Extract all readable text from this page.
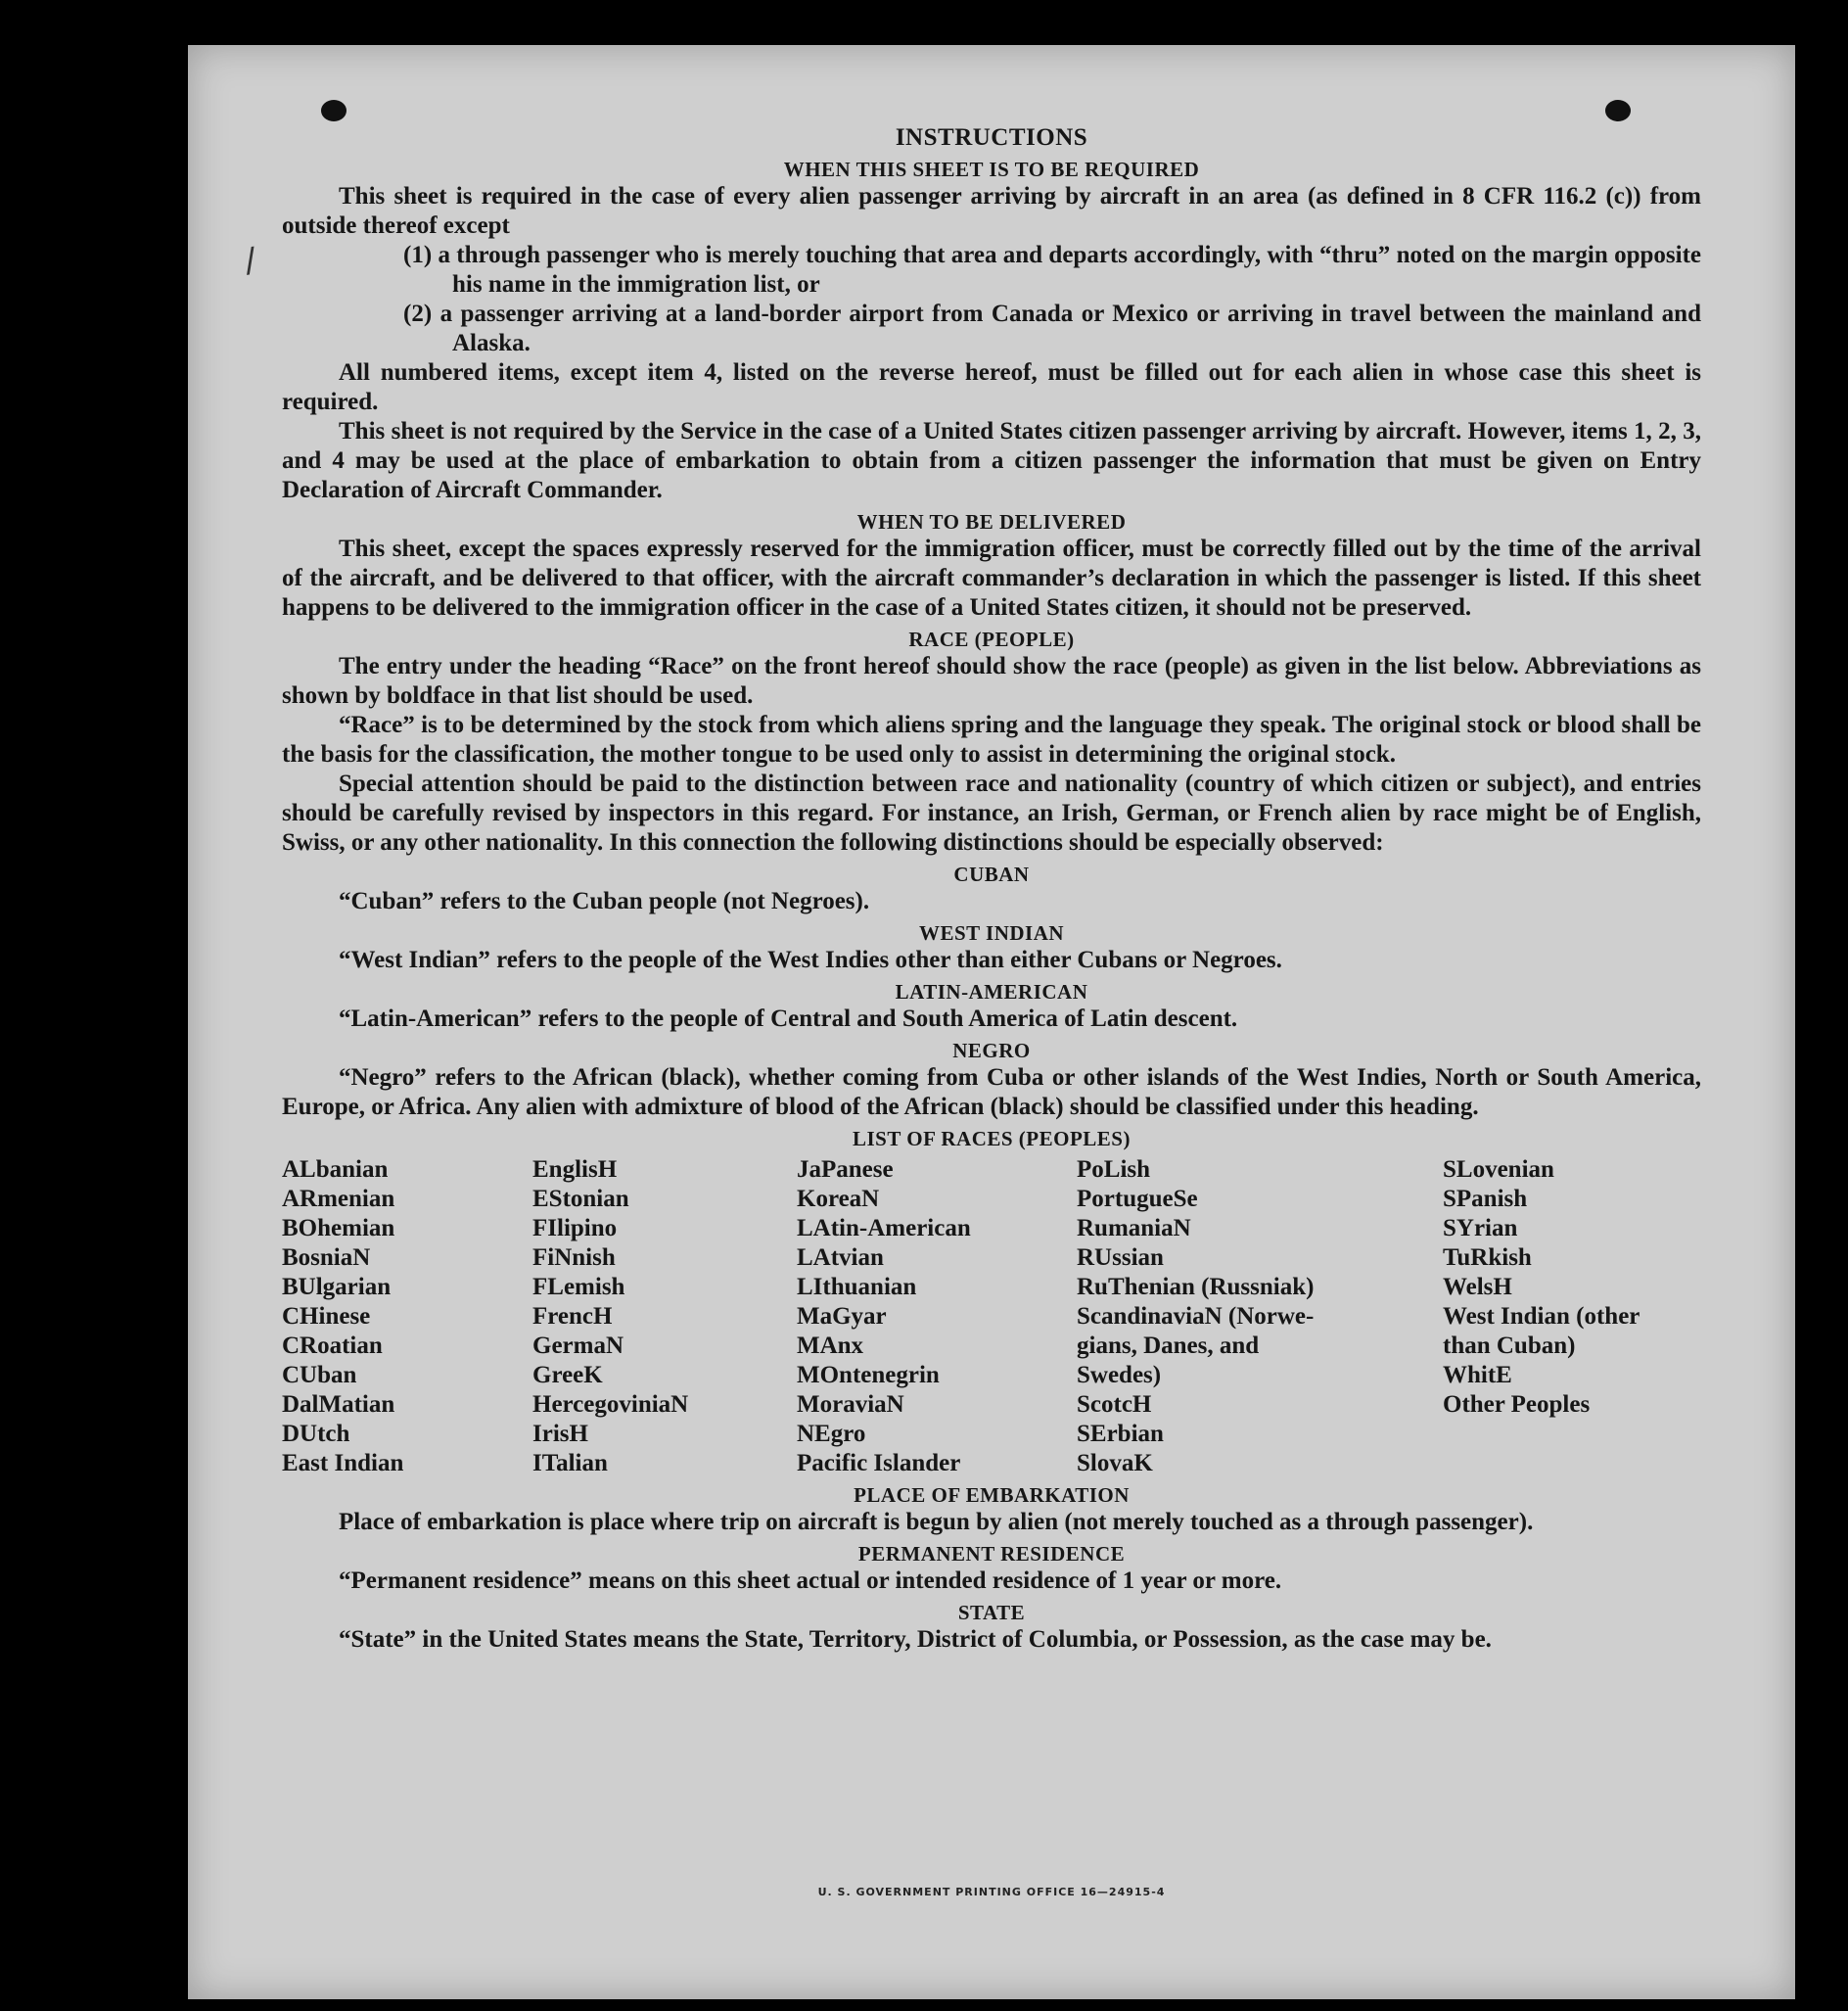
/
INSTRUCTIONS
WHEN THIS SHEET IS TO BE REQUIRED

This sheet is required in the case of every alien passenger arriving by aircraft in an area (as defined in 8 CFR 116.2 (c)) from outside thereof except

(1) a through passenger who is merely touching that area and departs accordingly, with “thru” noted on the margin opposite his name in the immigration list, or

(2) a passenger arriving at a land-border airport from Canada or Mexico or arriving in travel between the mainland and Alaska.

All numbered items, except item 4, listed on the reverse hereof, must be filled out for each alien in whose case this sheet is required.

This sheet is not required by the Service in the case of a United States citizen passenger arriving by aircraft. However, items 1, 2, 3, and 4 may be used at the place of embarkation to obtain from a citizen passenger the information that must be given on Entry Declaration of Aircraft Commander.

WHEN TO BE DELIVERED

This sheet, except the spaces expressly reserved for the immigration officer, must be correctly filled out by the time of the arrival of the aircraft, and be delivered to that officer, with the aircraft commander’s declaration in which the passenger is listed. If this sheet happens to be delivered to the immigration officer in the case of a United States citizen, it should not be preserved.

RACE (PEOPLE)

The entry under the heading “Race” on the front hereof should show the race (people) as given in the list below. Abbreviations as shown by boldface in that list should be used.

“Race” is to be determined by the stock from which aliens spring and the language they speak. The original stock or blood shall be the basis for the classification, the mother tongue to be used only to assist in determining the original stock.

Special attention should be paid to the distinction between race and nationality (country of which citizen or subject), and entries should be carefully revised by inspectors in this regard. For instance, an Irish, German, or French alien by race might be of English, Swiss, or any other nationality. In this connection the following distinctions should be especially observed:

CUBAN

“Cuban” refers to the Cuban people (not Negroes).

WEST INDIAN

“West Indian” refers to the people of the West Indies other than either Cubans or Negroes.

LATIN-AMERICAN

“Latin-American” refers to the people of Central and South America of Latin descent.

NEGRO

“Negro” refers to the African (black), whether coming from Cuba or other islands of the West Indies, North or South America, Europe, or Africa. Any alien with admixture of blood of the African (black) should be classified under this heading.

LIST OF RACES (PEOPLES)
ALbanian
ARmenian
BOhemian
BosniaN
BUlgarian
CHinese
CRoatian
CUban
DalMatian
DUtch
East Indian
EnglisH
EStonian
FIlipino
FiNnish
FLemish
FrencH
GermaN
GreeK
HercegoviniaN
IrisH
ITalian
JaPanese
KoreaN
LAtin-American
LAtvian
LIthuanian
MaGyar
MAnx
MOntenegrin
MoraviaN
NEgro
Pacific Islander
PoLish
PortugueSe
RumaniaN
RUssian
RuThenian (Russniak)
ScandinaviaN (Norwe-
gians, Danes, and
Swedes)
ScotcH
SErbian
SlovaK
SLovenian
SPanish
SYrian
TuRkish
WelsH
West Indian (other
than Cuban)
WhitE
Other Peoples
PLACE OF EMBARKATION

Place of embarkation is place where trip on aircraft is begun by alien (not merely touched as a through passenger).

PERMANENT RESIDENCE

“Permanent residence” means on this sheet actual or intended residence of 1 year or more.

STATE

“State” in the United States means the State, Territory, District of Columbia, or Possession, as the case may be.

U. S. GOVERNMENT PRINTING OFFICE 16—24915-4
